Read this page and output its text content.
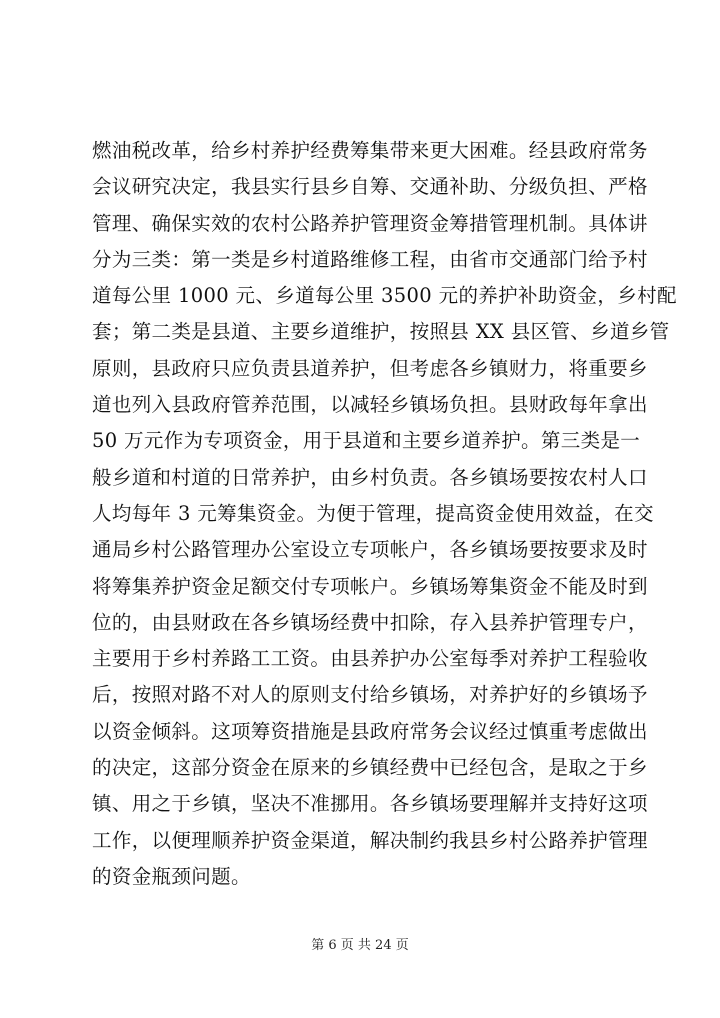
燃油税改革，给乡村养护经费筹集带来更大困难。经县政府常务
会议研究决定，我县实行县乡自筹、交通补助、分级负担、严格
管理、确保实效的农村公路养护管理资金筹措管理机制。具体讲
分为三类：第一类是乡村道路维修工程，由省市交通部门给予村
道每公里 1000 元、乡道每公里 3500 元的养护补助资金，乡村配
套；第二类是县道、主要乡道维护，按照县 XX 县区管、乡道乡管
原则，县政府只应负责县道养护，但考虑各乡镇财力，将重要乡
道也列入县政府管养范围，以减轻乡镇场负担。县财政每年拿出
50 万元作为专项资金，用于县道和主要乡道养护。第三类是一
般乡道和村道的日常养护，由乡村负责。各乡镇场要按农村人口
人均每年 3 元筹集资金。为便于管理，提高资金使用效益，在交
通局乡村公路管理办公室设立专项帐户，各乡镇场要按要求及时
将筹集养护资金足额交付专项帐户。乡镇场筹集资金不能及时到
位的，由县财政在各乡镇场经费中扣除，存入县养护管理专户，
主要用于乡村养路工工资。由县养护办公室每季对养护工程验收
后，按照对路不对人的原则支付给乡镇场，对养护好的乡镇场予
以资金倾斜。这项筹资措施是县政府常务会议经过慎重考虑做出
的决定，这部分资金在原来的乡镇经费中已经包含，是取之于乡
镇、用之于乡镇，坚决不准挪用。各乡镇场要理解并支持好这项
工作，以便理顺养护资金渠道，解决制约我县乡村公路养护管理
的资金瓶颈问题。
第 6 页 共 24 页
